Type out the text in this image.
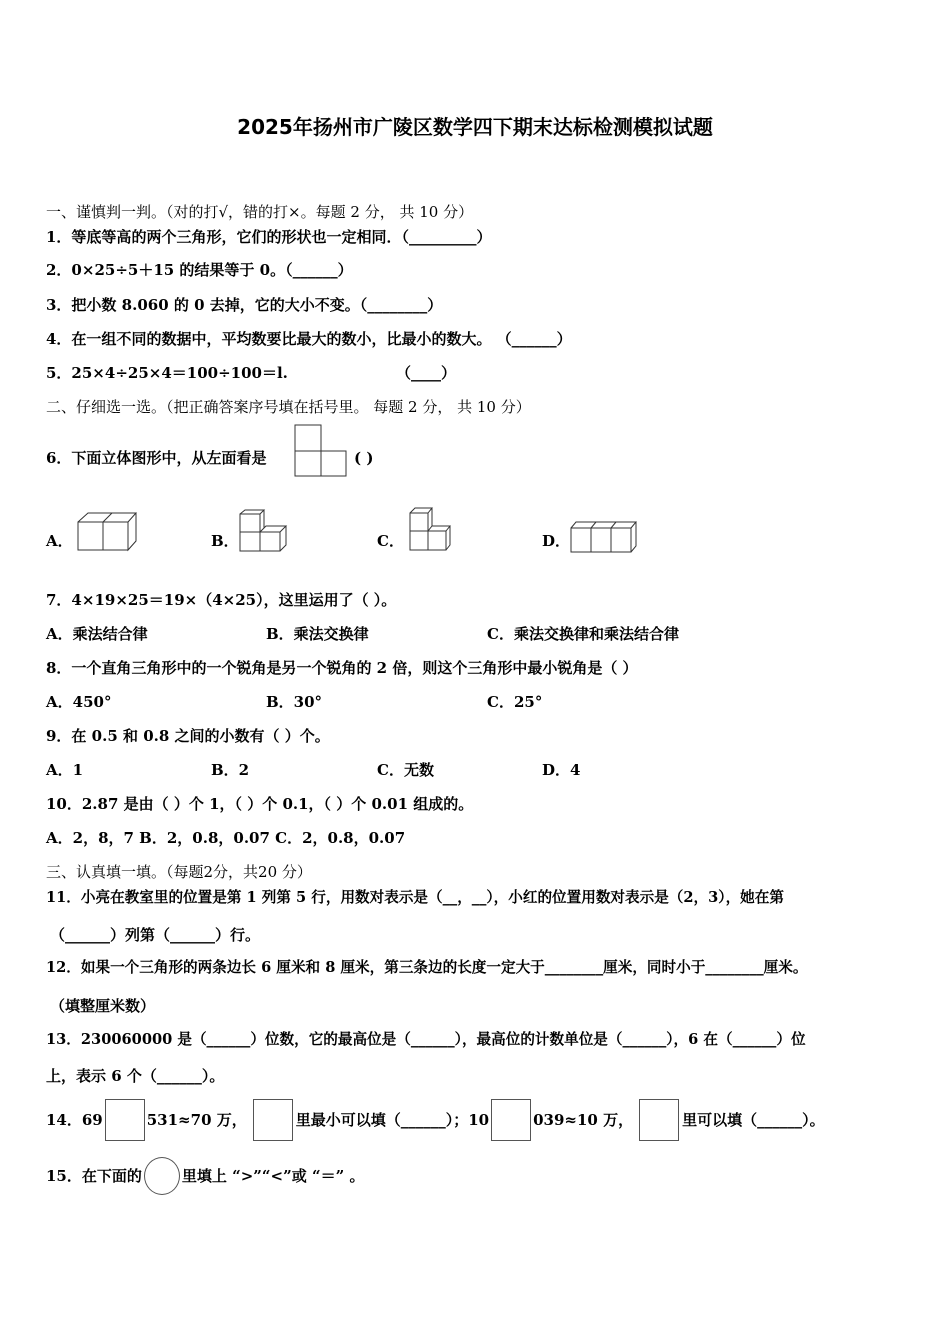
2025年扬州市广陵区数学四下期末达标检测模拟试题
一、谨慎判一判。（对的打√，错的打×。每题 2 分， 共 10 分）
1．等底等高的两个三角形，它们的形状也一定相同．（_________）
2．0×25÷5＋15 的结果等于 0。（______）
3．把小数 8.060 的 0 去掉，它的大小不变。（________）
4．在一组不同的数据中，平均数要比最大的数小，比最小的数大。 （______）
5．25×4÷25×4＝100÷100＝l.	（____）
二、仔细选一选。（把正确答案序号填在括号里。 每题 2 分， 共 10 分）
6．下面立体图形中，从左面看是	( )
A．	B．	C．	D．
7．4×19×25＝19×（4×25），这里运用了（ ）。
A．乘法结合律	B．乘法交换律	C．乘法交换律和乘法结合律
8．一个直角三角形中的一个锐角是另一个锐角的 2 倍，则这个三角形中最小锐角是（ ）
A．450°	B．30°	C．25°
9．在 0.5 和 0.8 之间的小数有（ ）个。
A．1	B．2	C．无数	D．4
10．2.87 是由（ ）个 1，（ ）个 0.1，（ ）个 0.01 组成的。
A．2，8，7 B．2，0.8，0.07 C．2，0.8，0.07
三、认真填一填。（每题2分，共20 分）
11．小亮在教室里的位置是第 1 列第 5 行，用数对表示是（__，__），小红的位置用数对表示是（2，3），她在第
（______）列第（______）行。
12．如果一个三角形的两条边长 6 厘米和 8 厘米，第三条边的长度一定大于________厘米，同时小于________厘米。
（填整厘米数）
13．230060000 是（______）位数，它的最高位是（______），最高位的计数单位是（______），6 在（______）位
上，表示 6 个（______）。
14．69	531≈70 万，	里最小可以填（______）；10	039≈10 万，	里可以填（______）。
15．在下面的	里填上 “>”“<”或 “＝” 。
